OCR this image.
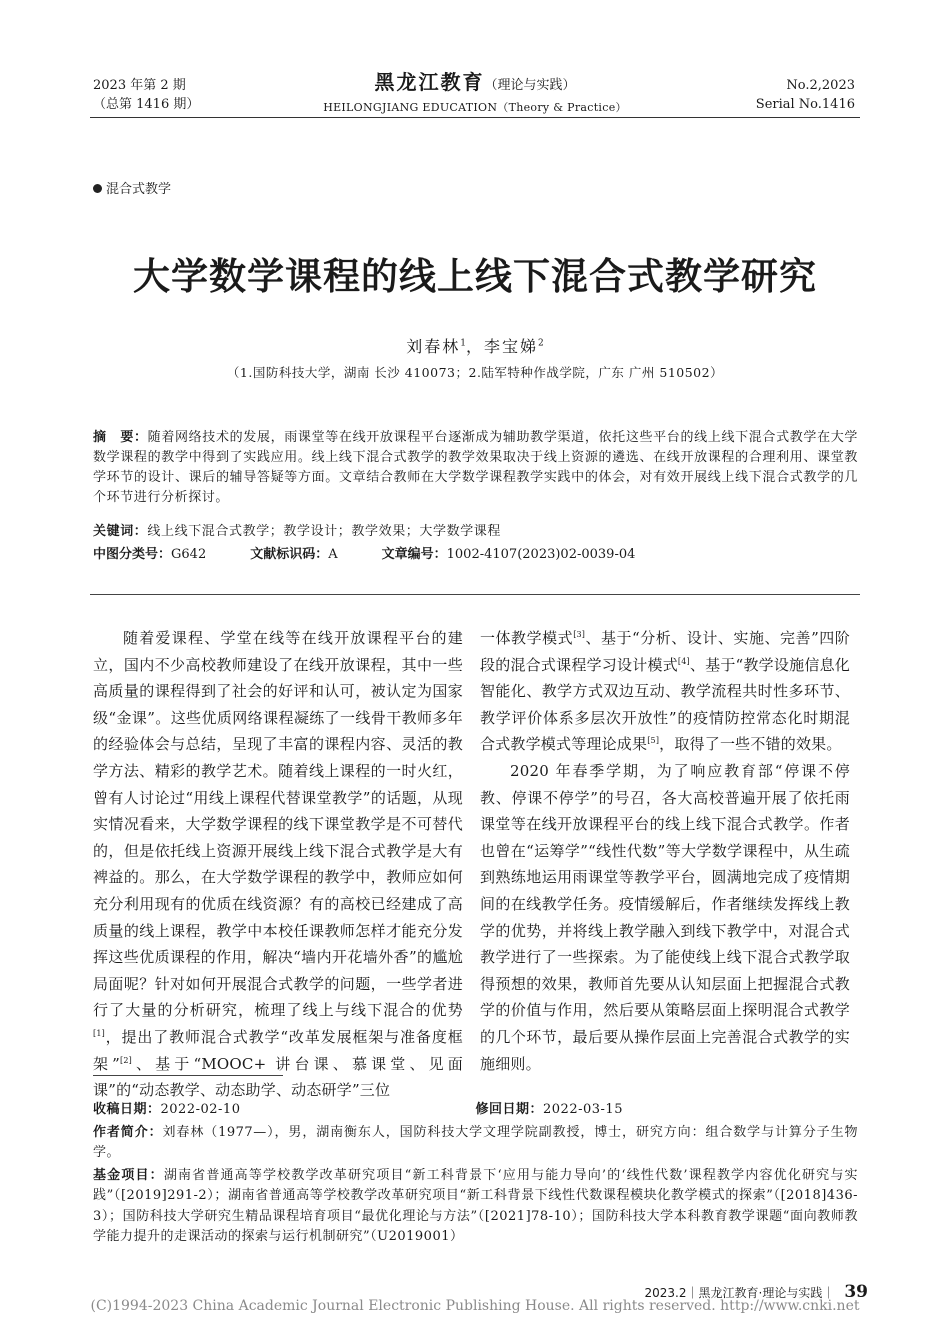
2023 年第 2 期
（总第 1416 期）
黑龙江教育（理论与实践）
HEILONGJIANG EDUCATION（Theory & Practice）
No.2,2023
Serial No.1416
混合式教学
大学数学课程的线上线下混合式教学研究
刘春林$^1$，李宝娣$^2$
（1.国防科技大学，湖南 长沙 410073；2.陆军特种作战学院，广东 广州 510502）
摘　要：随着网络技术的发展，雨课堂等在线开放课程平台逐渐成为辅助教学渠道，依托这些平台的线上线下混合式教学在大学数学课程的教学中得到了实践应用。线上线下混合式教学的教学效果取决于线上资源的遴选、在线开放课程的合理利用、课堂教学环节的设计、课后的辅导答疑等方面。文章结合教师在大学数学课程教学实践中的体会，对有效开展线上线下混合式教学的几个环节进行分析探讨。
关键词：线上线下混合式教学；教学设计；教学效果；大学数学课程
中图分类号：G642	文献标识码：A	文章编号：1002-4107(2023)02-0039-04

随着爱课程、学堂在线等在线开放课程平台的建立，国内不少高校教师建设了在线开放课程，其中一些高质量的课程得到了社会的好评和认可，被认定为国家级“金课”。这些优质网络课程凝练了一线骨干教师多年的经验体会与总结，呈现了丰富的课程内容、灵活的教学方法、精彩的教学艺术。随着线上课程的一时火红，曾有人讨论过“用线上课程代替课堂教学”的话题，从现实情况看来，大学数学课程的线下课堂教学是不可替代的，但是依托线上资源开展线上线下混合式教学是大有裨益的。那么，在大学数学课程的教学中，教师应如何充分利用现有的优质在线资源？有的高校已经建成了高质量的线上课程，教学中本校任课教师怎样才能充分发挥这些优质课程的作用，解决“墙内开花墙外香”的尴尬局面呢？针对如何开展混合式教学的问题，一些学者进行了大量的分析研究，梳理了线上与线下混合的优势[1]，提出了教师混合式教学“改革发展框架与准备度框架”[2]、基于“MOOC+ 讲台课、慕课堂、见面课”的“动态教学、动态助学、动态研学”三位

一体教学模式[3]、基于“分析、设计、实施、完善”四阶段的混合式课程学习设计模式[4]、基于“教学设施信息化智能化、教学方式双边互动、教学流程共时性多环节、教学评价体系多层次开放性”的疫情防控常态化时期混合式教学模式等理论成果[5]，取得了一些不错的效果。

2020 年春季学期，为了响应教育部“停课不停教、停课不停学”的号召，各大高校普遍开展了依托雨课堂等在线开放课程平台的线上线下混合式教学。作者也曾在“运筹学”“线性代数”等大学数学课程中，从生疏到熟练地运用雨课堂等教学平台，圆满地完成了疫情期间的在线教学任务。疫情缓解后，作者继续发挥线上教学的优势，并将线上教学融入到线下教学中，对混合式教学进行了一些探索。为了能使线上线下混合式教学取得预想的效果，教师首先要从认知层面上把握混合式教学的价值与作用，然后要从策略层面上探明混合式教学的几个环节，最后要从操作层面上完善混合式教学的实施细则。

收稿日期：2022-02-10	修回日期：2022-03-15
作者简介：刘春林（1977—），男，湖南衡东人，国防科技大学文理学院副教授，博士，研究方向：组合数学与计算分子生物学。
基金项目：湖南省普通高等学校教学改革研究项目“新工科背景下‘应用与能力导向’的‘线性代数’课程教学内容优化研究与实践”（[2019]291-2）；湖南省普通高等学校教学改革研究项目“新工科背景下线性代数课程模块化教学模式的探索”（[2018]436-3）；国防科技大学研究生精品课程培育项目“最优化理论与方法”（[2021]78-10）；国防科技大学本科教育教学课题“面向教师教学能力提升的走课活动的探索与运行机制研究”（U2019001）
2023.2｜黑龙江教育·理论与实践｜ 39
(C)1994-2023 China Academic Journal Electronic Publishing House. All rights reserved. http://www.cnki.net
